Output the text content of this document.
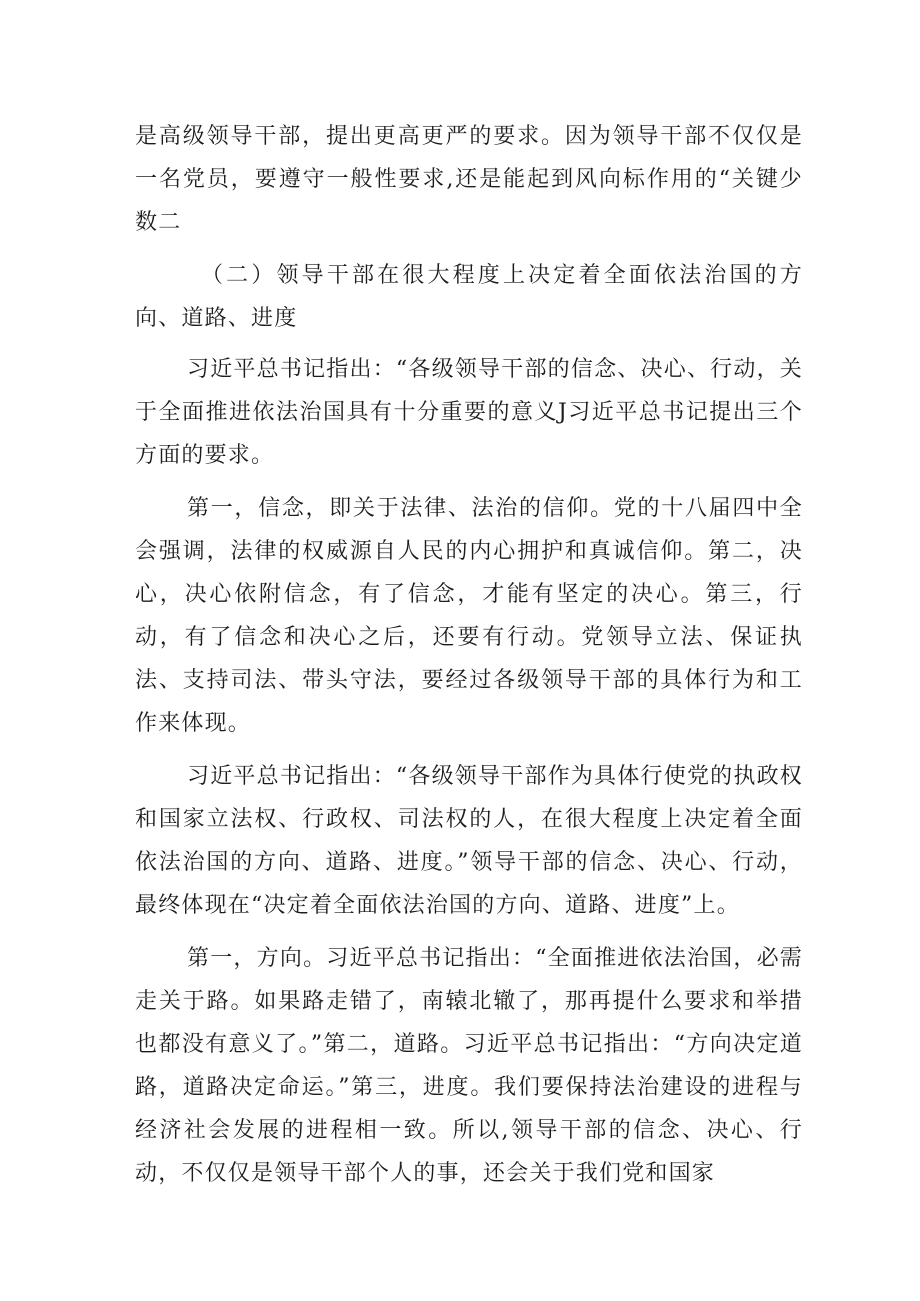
是高级领导干部，提出更高更严的要求。因为领导干部不仅仅是一名党员，要遵守一般性要求,还是能起到风向标作用的“关键少数二

（二）领导干部在很大程度上决定着全面依法治国的方向、道路、进度

习近平总书记指出：“各级领导干部的信念、决心、行动，关于全面推进依法治国具有十分重要的意义J习近平总书记提出三个方面的要求。

第一，信念，即关于法律、法治的信仰。党的十八届四中全会强调，法律的权威源自人民的内心拥护和真诚信仰。第二，决心，决心依附信念，有了信念，才能有坚定的决心。第三，行动，有了信念和决心之后，还要有行动。党领导立法、保证执法、支持司法、带头守法，要经过各级领导干部的具体行为和工作来体现。

习近平总书记指出：“各级领导干部作为具体行使党的执政权和国家立法权、行政权、司法权的人，在很大程度上决定着全面依法治国的方向、道路、进度。”领导干部的信念、决心、行动，最终体现在“决定着全面依法治国的方向、道路、进度”上。

第一，方向。习近平总书记指出：“全面推进依法治国，必需走关于路。如果路走错了，南辕北辙了，那再提什么要求和举措也都没有意义了。”第二，道路。习近平总书记指出：“方向决定道路，道路决定命运。”第三，进度。我们要保持法治建设的进程与经济社会发展的进程相一致。所以,领导干部的信念、决心、行动，不仅仅是领导干部个人的事，还会关于我们党和国家
